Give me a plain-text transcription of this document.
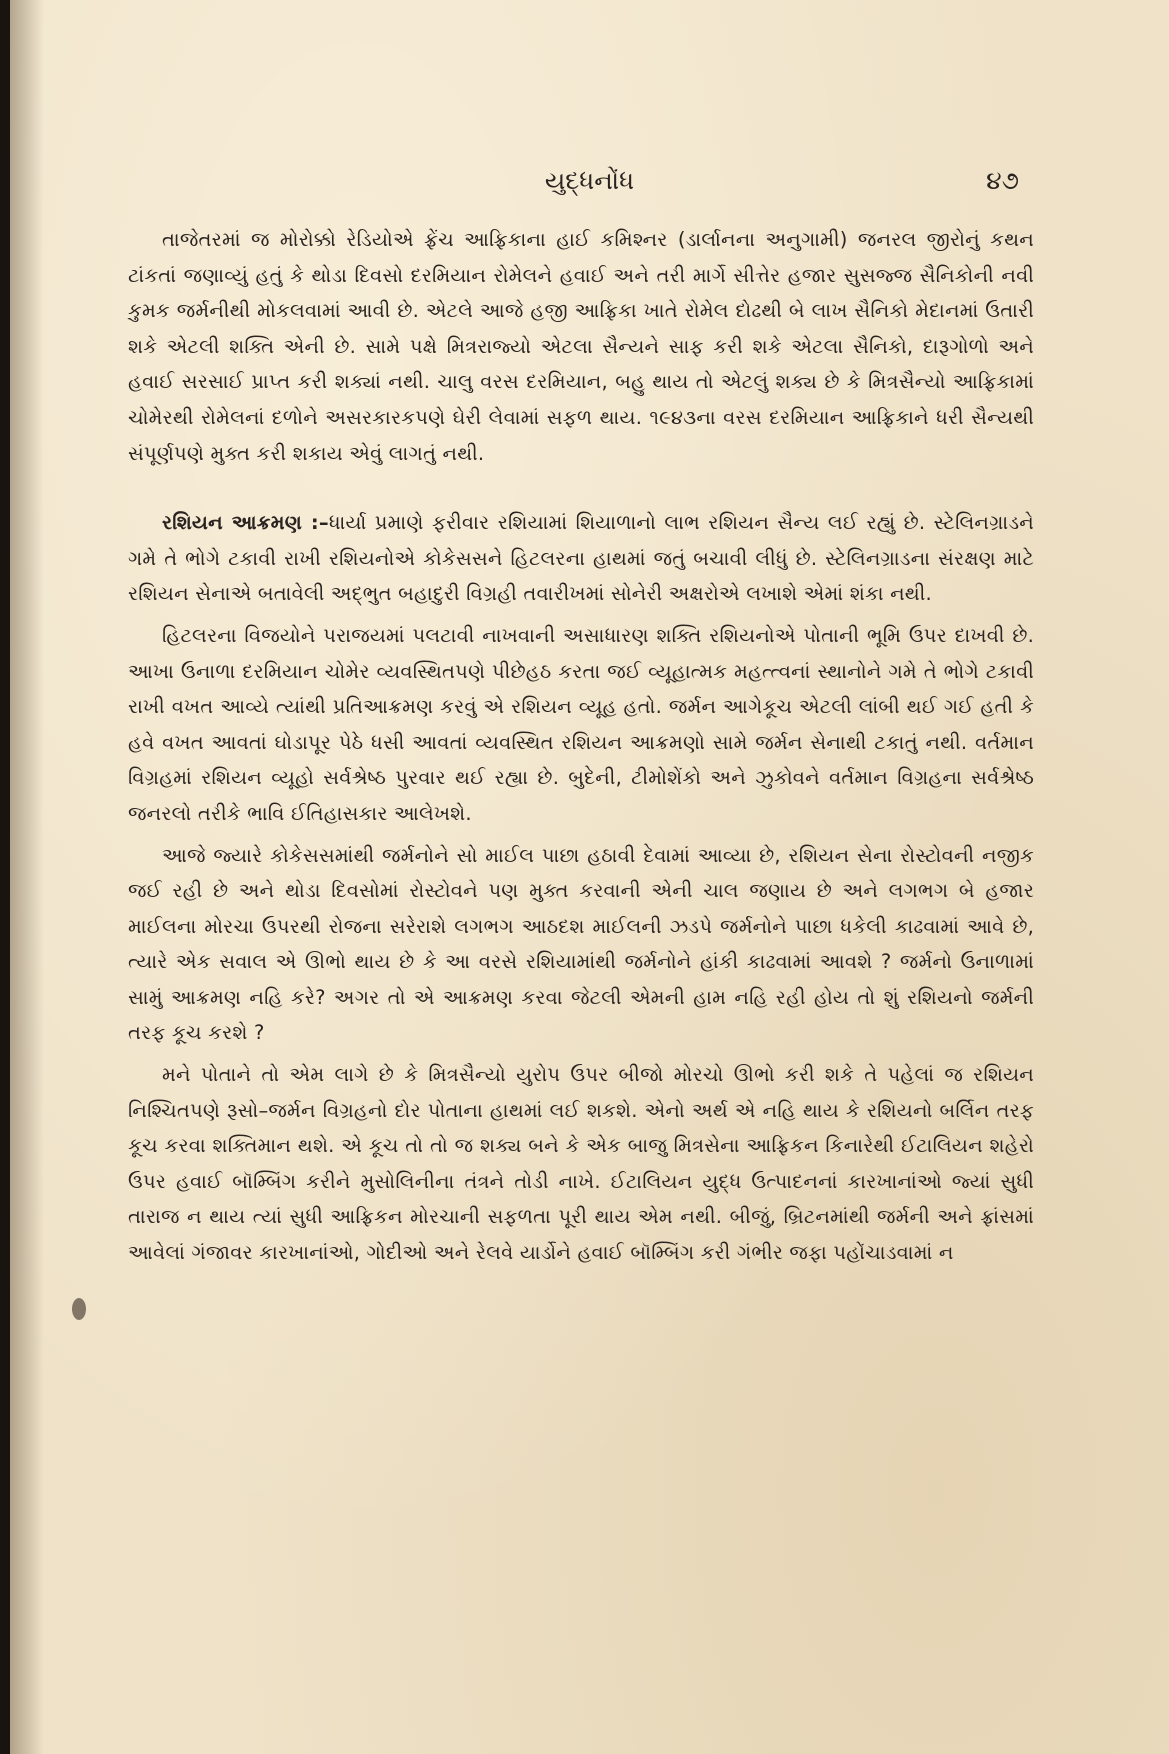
યુદ્ધનોંધ	૪૭

તાજેતરમાં જ મોરોક્કો રેડિયોએ ફ્રેંચ આફ્રિકાના હાઈ કમિશ્નર (ડાર્લાનના અનુગામી) જનરલ જીરોનું કથન ટાંકતાં જણાવ્યું હતું કે થોડા દિવસો દરમિયાન રોમેલને હવાઈ અને તરી માર્ગે સીત્તેર હજાર સુસજ્જ સૈનિકોની નવી કુમક જર્મનીથી મોકલવામાં આવી છે. એટલે આજે હજી આફ્રિકા ખાતે રોમેલ દોઢથી બે લાખ સૈનિકો મેદાનમાં ઉતારી શકે એટલી શક્તિ એની છે. સામે પક્ષે મિત્રરાજ્યો એટલા સૈન્યને સાફ કરી શકે એટલા સૈનિકો, દારૂગોળો અને હવાઈ સરસાઈ પ્રાપ્ત કરી શક્યાં નથી. ચાલુ વરસ દરમિયાન, બહુ થાય તો એટલું શક્ય છે કે મિત્રસૈન્યો આફ્રિકામાં ચોમેરથી રોમેલનાં દળોને અસરકારકપણે ઘેરી લેવામાં સફળ થાય. ૧૯૪૩ના વરસ દરમિયાન આફ્રિકાને ધરી સૈન્યથી સંપૂર્ણપણે મુક્ત કરી શકાય એવું લાગતું નથી.

રશિયન આક્રમણ :–ધાર્યા પ્રમાણે ફરીવાર રશિયામાં શિયાળાનો લાભ રશિયન સૈન્ય લઈ રહ્યું છે. સ્ટેલિનગ્રાડને ગમે તે ભોગે ટકાવી રાખી રશિયનોએ કોકેસસને હિટલરના હાથમાં જતું બચાવી લીધું છે. સ્ટેલિનગ્રાડના સંરક્ષણ માટે રશિયન સેનાએ બતાવેલી અદ્ભુત બહાદુરી વિગ્રહી તવારીખમાં સોનેરી અક્ષરોએ લખાશે એમાં શંકા નથી.

હિટલરના વિજયોને પરાજયમાં પલટાવી નાખવાની અસાધારણ શક્તિ રશિયનોએ પોતાની ભૂમિ ઉપર દાખવી છે. આખા ઉનાળા દરમિયાન ચોમેર વ્યવસ્થિતપણે પીછેહઠ કરતા જઈ વ્યૂહાત્મક મહત્ત્વનાં સ્થાનોને ગમે તે ભોગે ટકાવી રાખી વખત આવ્યે ત્યાંથી પ્રતિઆક્રમણ કરવું એ રશિયન વ્યૂહ હતો. જર્મન આગેકૂચ એટલી લાંબી થઈ ગઈ હતી કે હવે વખત આવતાં ઘોડાપૂર પેઠે ધસી આવતાં વ્યવસ્થિત રશિયન આક્રમણો સામે જર્મન સેનાથી ટકાતું નથી. વર્તમાન વિગ્રહમાં રશિયન વ્યૂહો સર્વશ્રેષ્ઠ પુરવાર થઈ રહ્યા છે. બુદેની, ટીમોશેંકો અને ઝુકોવને વર્તમાન વિગ્રહના સર્વશ્રેષ્ઠ જનરલો તરીકે ભાવિ ઈતિહાસકાર આલેખશે.

આજે જ્યારે કોકેસસમાંથી જર્મનોને સો માઈલ પાછા હઠાવી દેવામાં આવ્યા છે, રશિયન સેના રોસ્ટોવની નજીક જઈ રહી છે અને થોડા દિવસોમાં રોસ્ટોવને પણ મુક્ત કરવાની એની ચાલ જણાય છે અને લગભગ બે હજાર માઈલના મોરચા ઉપરથી રોજના સરેરાશે લગભગ આઠદશ માઈલની ઝડપે જર્મનોને પાછા ધકેલી કાઢવામાં આવે છે, ત્યારે એક સવાલ એ ઊભો થાય છે કે આ વરસે રશિયામાંથી જર્મનોને હાંકી કાઢવામાં આવશે ? જર્મનો ઉનાળામાં સામું આક્રમણ નહિ કરે? અગર તો એ આક્રમણ કરવા જેટલી એમની હામ નહિ રહી હોય તો શું રશિયનો જર્મની તરફ કૂચ કરશે ?

મને પોતાને તો એમ લાગે છે કે મિત્રસૈન્યો યુરોપ ઉપર બીજો મોરચો ઊભો કરી શકે તે પહેલાં જ રશિયન નિશ્ચિતપણે રૂસો–જર્મન વિગ્રહનો દોર પોતાના હાથમાં લઈ શકશે. એનો અર્થ એ નહિ થાય કે રશિયનો બર્લિન તરફ કૂચ કરવા શક્તિમાન થશે. એ કૂચ તો તો જ શક્ય બને કે એક બાજુ મિત્રસેના આફ્રિકન કિનારેથી ઈટાલિયન શહેરો ઉપર હવાઈ બૉમ્બિંગ કરીને મુસોલિનીના તંત્રને તોડી નાખે. ઈટાલિયન યુદ્ધ ઉત્પાદનનાં કારખાનાંઓ જ્યાં સુધી તારાજ ન થાય ત્યાં સુધી આફ્રિકન મોરચાની સફળતા પૂરી થાય એમ નથી. બીજું, બ્રિટનમાંથી જર્મની અને ફ્રાંસમાં આવેલાં ગંજાવર કારખાનાંઓ, ગોદીઓ અને રેલવે યાર્ડોને હવાઈ બૉમ્બિંગ કરી ગંભીર જફા પહોંચાડવામાં ન
